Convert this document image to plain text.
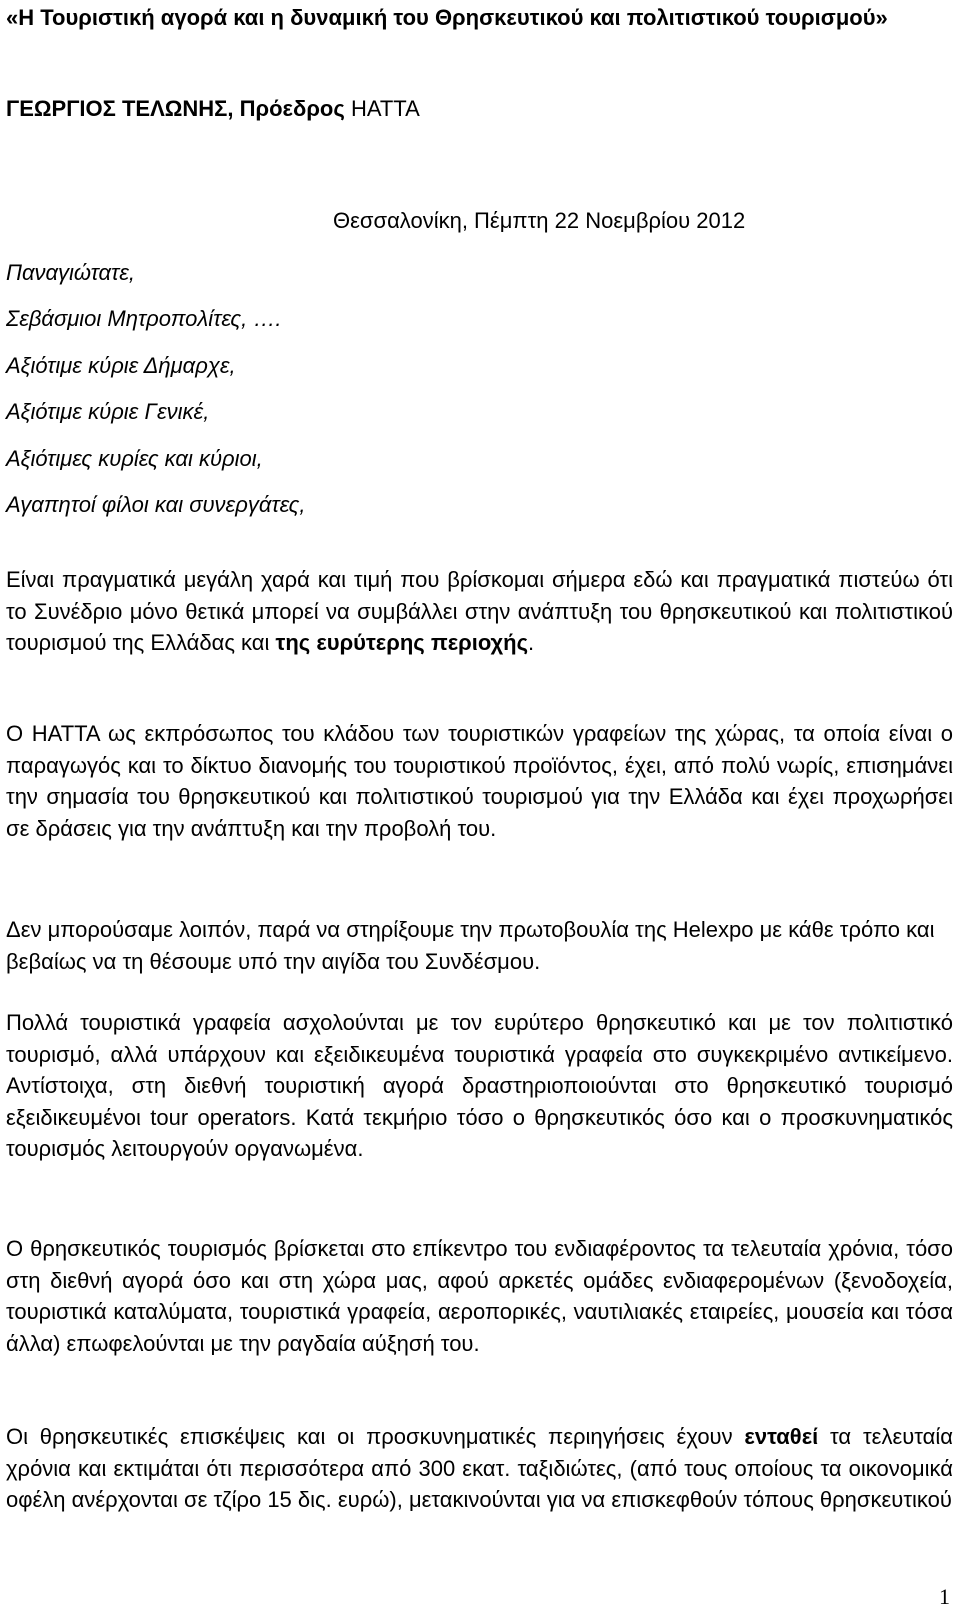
«Η Τουριστική αγορά και η δυναμική του Θρησκευτικού και πολιτιστικού τουρισμού»

ΓΕΩΡΓΙΟΣ ΤΕΛΩΝΗΣ, Πρόεδρος ΗΑΤΤΑ

Θεσσαλονίκη, Πέμπτη 22 Νοεμβρίου 2012

Παναγιώτατε,
Σεβάσμιοι Μητροπολίτες, ….
Αξιότιμε κύριε Δήμαρχε,
Αξιότιμε κύριε Γενικέ,
Αξιότιμες κυρίες και κύριοι,
Αγαπητοί φίλοι και συνεργάτες,

Είναι πραγματικά μεγάλη χαρά και τιμή που βρίσκομαι σήμερα εδώ και πραγματικά πιστεύω ότι το Συνέδριο μόνο θετικά μπορεί να συμβάλλει στην ανάπτυξη του θρησκευτικού και πολιτιστικού τουρισμού της Ελλάδας και της ευρύτερης περιοχής.

Ο ΗΑΤΤΑ ως εκπρόσωπος του κλάδου των τουριστικών γραφείων της χώρας, τα οποία είναι ο παραγωγός και το δίκτυο διανομής του τουριστικού προϊόντος, έχει, από πολύ νωρίς, επισημάνει την σημασία του θρησκευτικού και πολιτιστικού τουρισμού για την Ελλάδα και έχει προχωρήσει σε δράσεις για την ανάπτυξη και την προβολή του.

Δεν μπορούσαμε λοιπόν, παρά να στηρίξουμε την πρωτοβουλία της Helexpo με κάθε τρόπο και βεβαίως να τη θέσουμε υπό την αιγίδα του Συνδέσμου.

Πολλά τουριστικά γραφεία ασχολούνται με τον ευρύτερο θρησκευτικό και με τον πολιτιστικό τουρισμό, αλλά υπάρχουν και εξειδικευμένα τουριστικά γραφεία στο συγκεκριμένο αντικείμενο. Αντίστοιχα, στη διεθνή τουριστική αγορά δραστηριοποιούνται στο θρησκευτικό τουρισμό εξειδικευμένοι tour operators. Κατά τεκμήριο τόσο ο θρησκευτικός όσο και ο προσκυνηματικός τουρισμός λειτουργούν οργανωμένα.

Ο θρησκευτικός τουρισμός βρίσκεται στο επίκεντρο του ενδιαφέροντος τα τελευταία χρόνια, τόσο στη διεθνή αγορά όσο και στη χώρα μας, αφού αρκετές ομάδες ενδιαφερομένων (ξενοδοχεία, τουριστικά καταλύματα, τουριστικά γραφεία, αεροπορικές, ναυτιλιακές εταιρείες, μουσεία και τόσα άλλα) επωφελούνται με την ραγδαία αύξησή του.

Οι θρησκευτικές επισκέψεις και οι προσκυνηματικές περιηγήσεις έχουν ενταθεί τα τελευταία χρόνια και εκτιμάται ότι περισσότερα από 300 εκατ. ταξιδιώτες, (από τους οποίους τα οικονομικά οφέλη ανέρχονται σε τζίρο 15 δις. ευρώ), μετακινούνται για να επισκεφθούν τόπους θρησκευτικού

1
